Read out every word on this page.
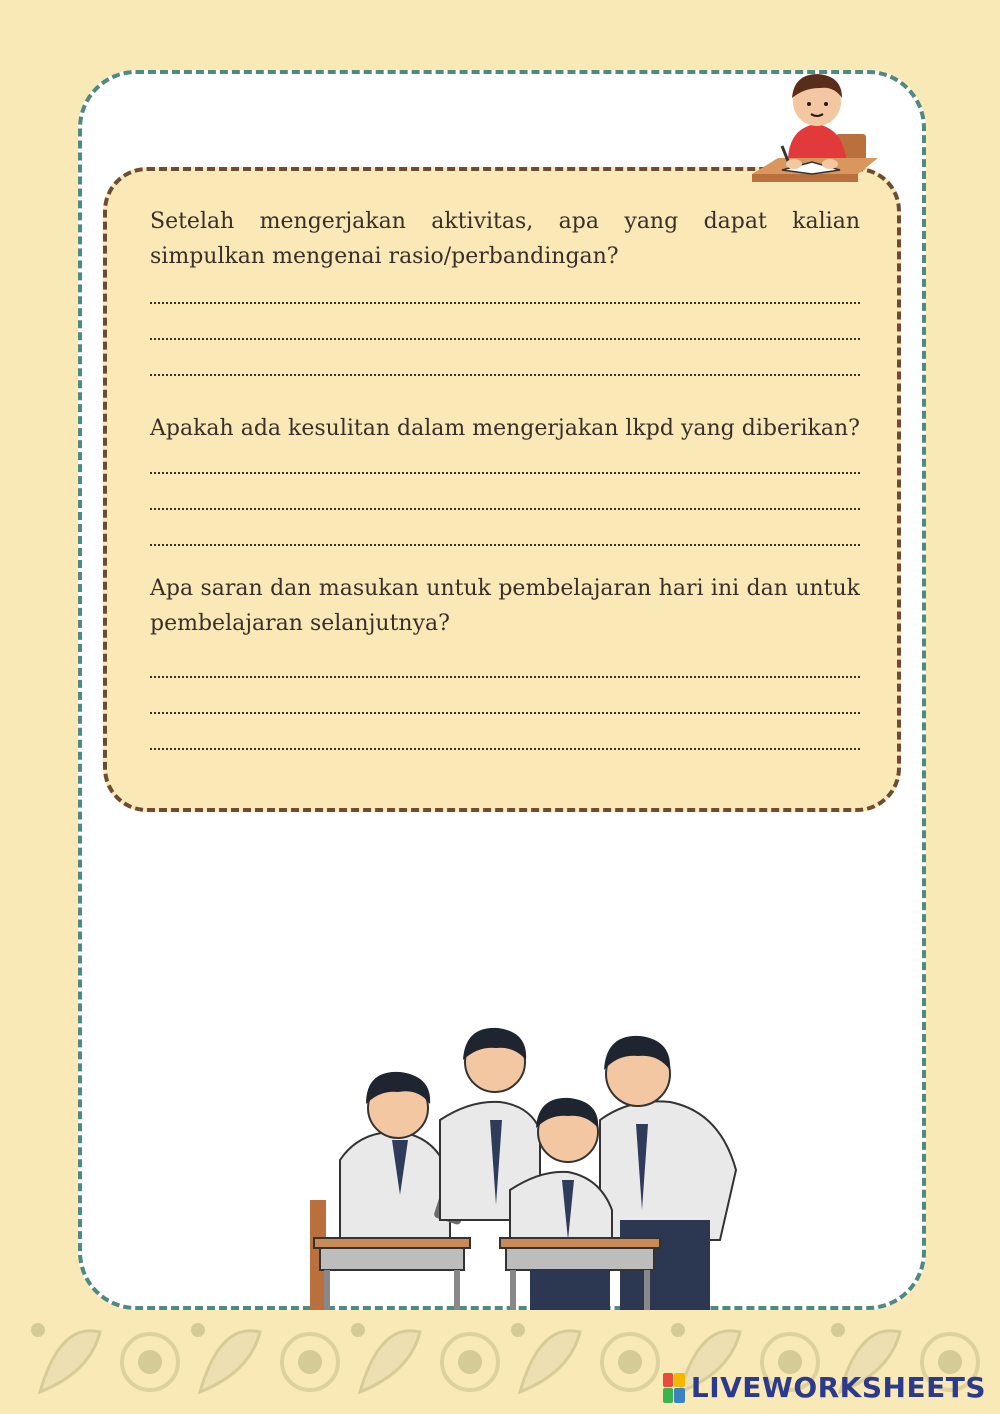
Setelah mengerjakan aktivitas, apa yang dapat kalian simpulkan mengenai rasio/perbandingan?
Apakah ada kesulitan dalam mengerjakan lkpd yang diberikan?
Apa saran dan masukan untuk pembelajaran hari ini dan untuk pembelajaran selanjutnya?
LIVEWORKSHEETS
